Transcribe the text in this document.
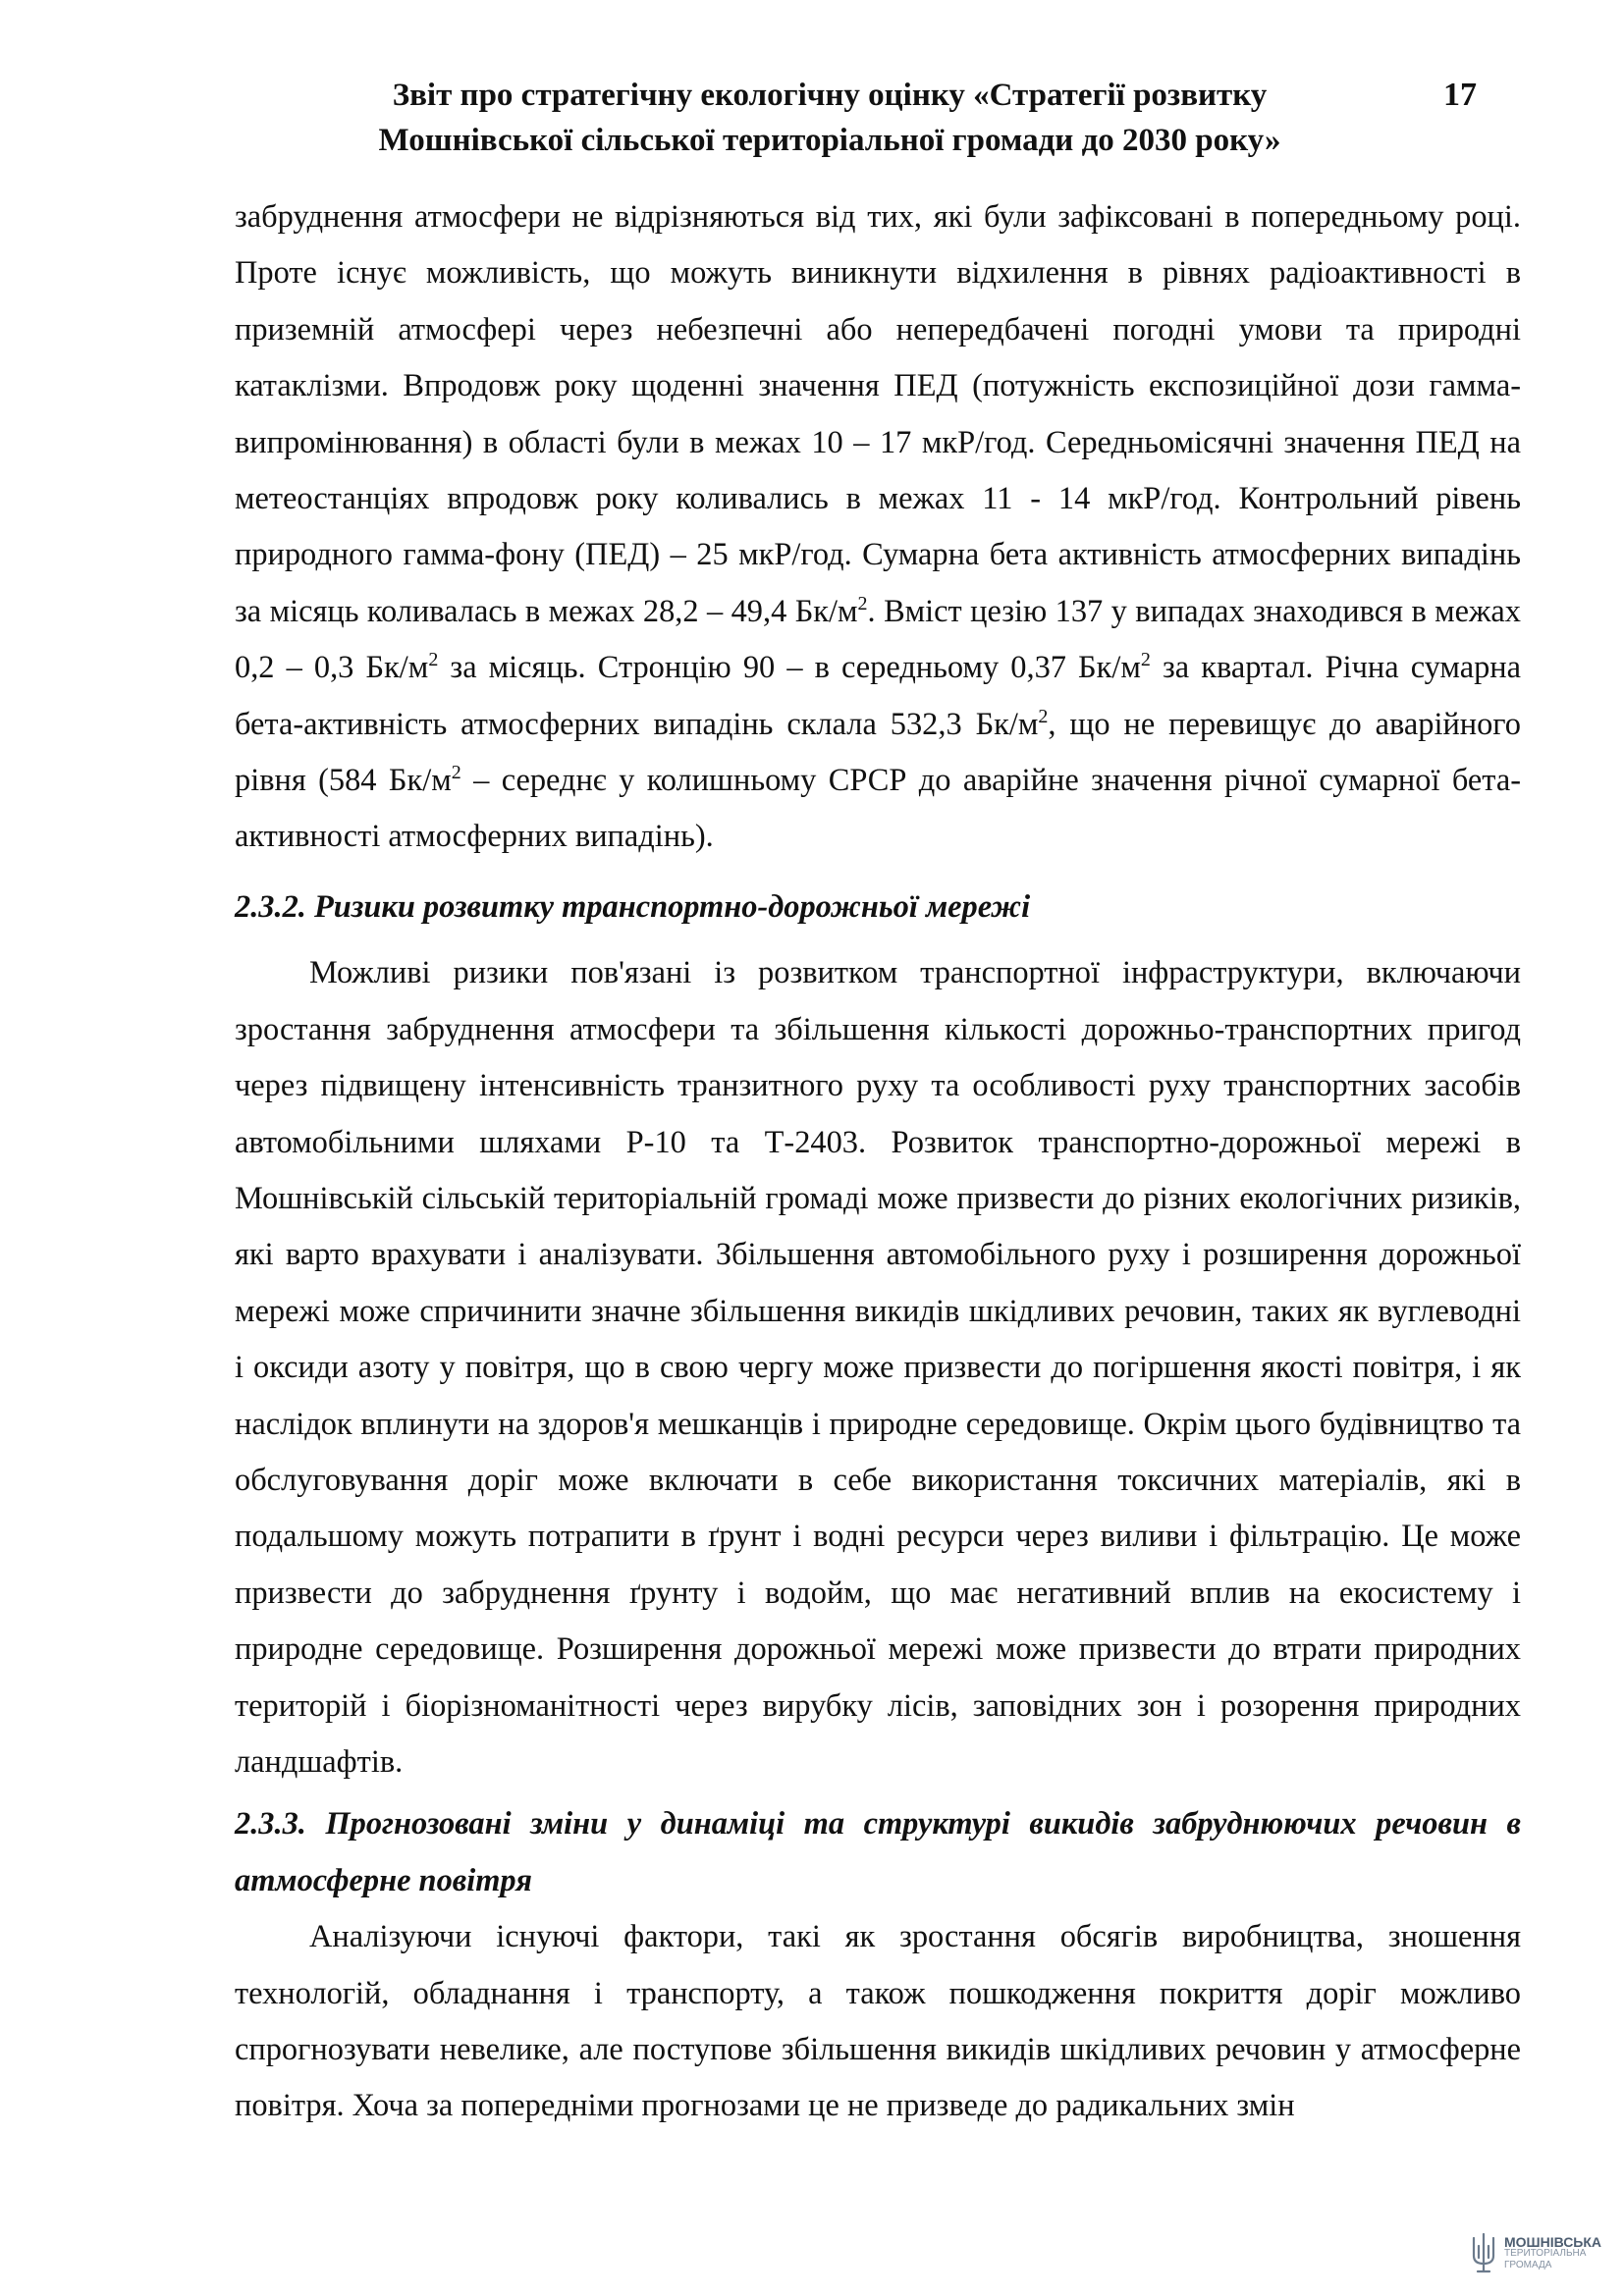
Звіт про стратегічну екологічну оцінку «Стратегії розвитку
Мошнівської сільської територіальної громади до 2030 року»
17

забруднення атмосфери не відрізняються від тих, які були зафіксовані в попередньому році. Проте існує можливість, що можуть виникнути відхилення в рівнях радіоактивності в приземній атмосфері через небезпечні або непередбачені погодні умови та природні катаклізми. Впродовж року щоденні значення ПЕД (потужність експозиційної дози гамма-випромінювання) в області були в межах 10 – 17 мкР/год. Середньомісячні значення ПЕД на метеостанціях впродовж року коливались в межах 11 - 14 мкР/год. Контрольний рівень природного гамма-фону (ПЕД) – 25 мкР/год. Сумарна бета активність атмосферних випадінь за місяць коливалась в межах 28,2 – 49,4 $Бк/м^2$. Вміст цезію 137 у випадах знаходився в межах 0,2 – 0,3 $Бк/м^2$ за місяць. Стронцію 90 – в середньому 0,37 $Бк/м^2$ за квартал. Річна сумарна бета-активність атмосферних випадінь склала 532,3 $Бк/м^2$, що не перевищує до аварійного рівня (584 $Бк/м^2$ – середнє у колишньому СРСР до аварійне значення річної сумарної бета-активності атмосферних випадінь).

2.3.2. Ризики розвитку транспортно-дорожньої мережі

Можливі ризики пов'язані із розвитком транспортної інфраструктури, включаючи зростання забруднення атмосфери та збільшення кількості дорожньо-транспортних пригод через підвищену інтенсивність транзитного руху та особливості руху транспортних засобів автомобільними шляхами Р-10 та Т-2403. Розвиток транспортно-дорожньої мережі в Мошнівській сільській територіальній громаді може призвести до різних екологічних ризиків, які варто врахувати і аналізувати. Збільшення автомобільного руху і розширення дорожньої мережі може спричинити значне збільшення викидів шкідливих речовин, таких як вуглеводні і оксиди азоту у повітря, що в свою чергу може призвести до погіршення якості повітря, і як наслідок вплинути на здоров'я мешканців і природне середовище. Окрім цього будівництво та обслуговування доріг може включати в себе використання токсичних матеріалів, які в подальшому можуть потрапити в ґрунт і водні ресурси через виливи і фільтрацію. Це може призвести до забруднення ґрунту і водойм, що має негативний вплив на екосистему і природне середовище. Розширення дорожньої мережі може призвести до втрати природних територій і біорізноманітності через вирубку лісів, заповідних зон і розорення природних ландшафтів.

2.3.3. Прогнозовані зміни у динаміці та структурі викидів забруднюючих речовин в атмосферне повітря

Аналізуючи існуючі фактори, такі як зростання обсягів виробництва, зношення технологій, обладнання і транспорту, а також пошкодження покриття доріг можливо спрогнозувати невелике, але поступове збільшення викидів шкідливих речовин у атмосферне повітря. Хоча за попередніми прогнозами це не призведе до радикальних змін

МОШНІВСЬКА
ТЕРИТОРІАЛЬНА
ГРОМАДА
